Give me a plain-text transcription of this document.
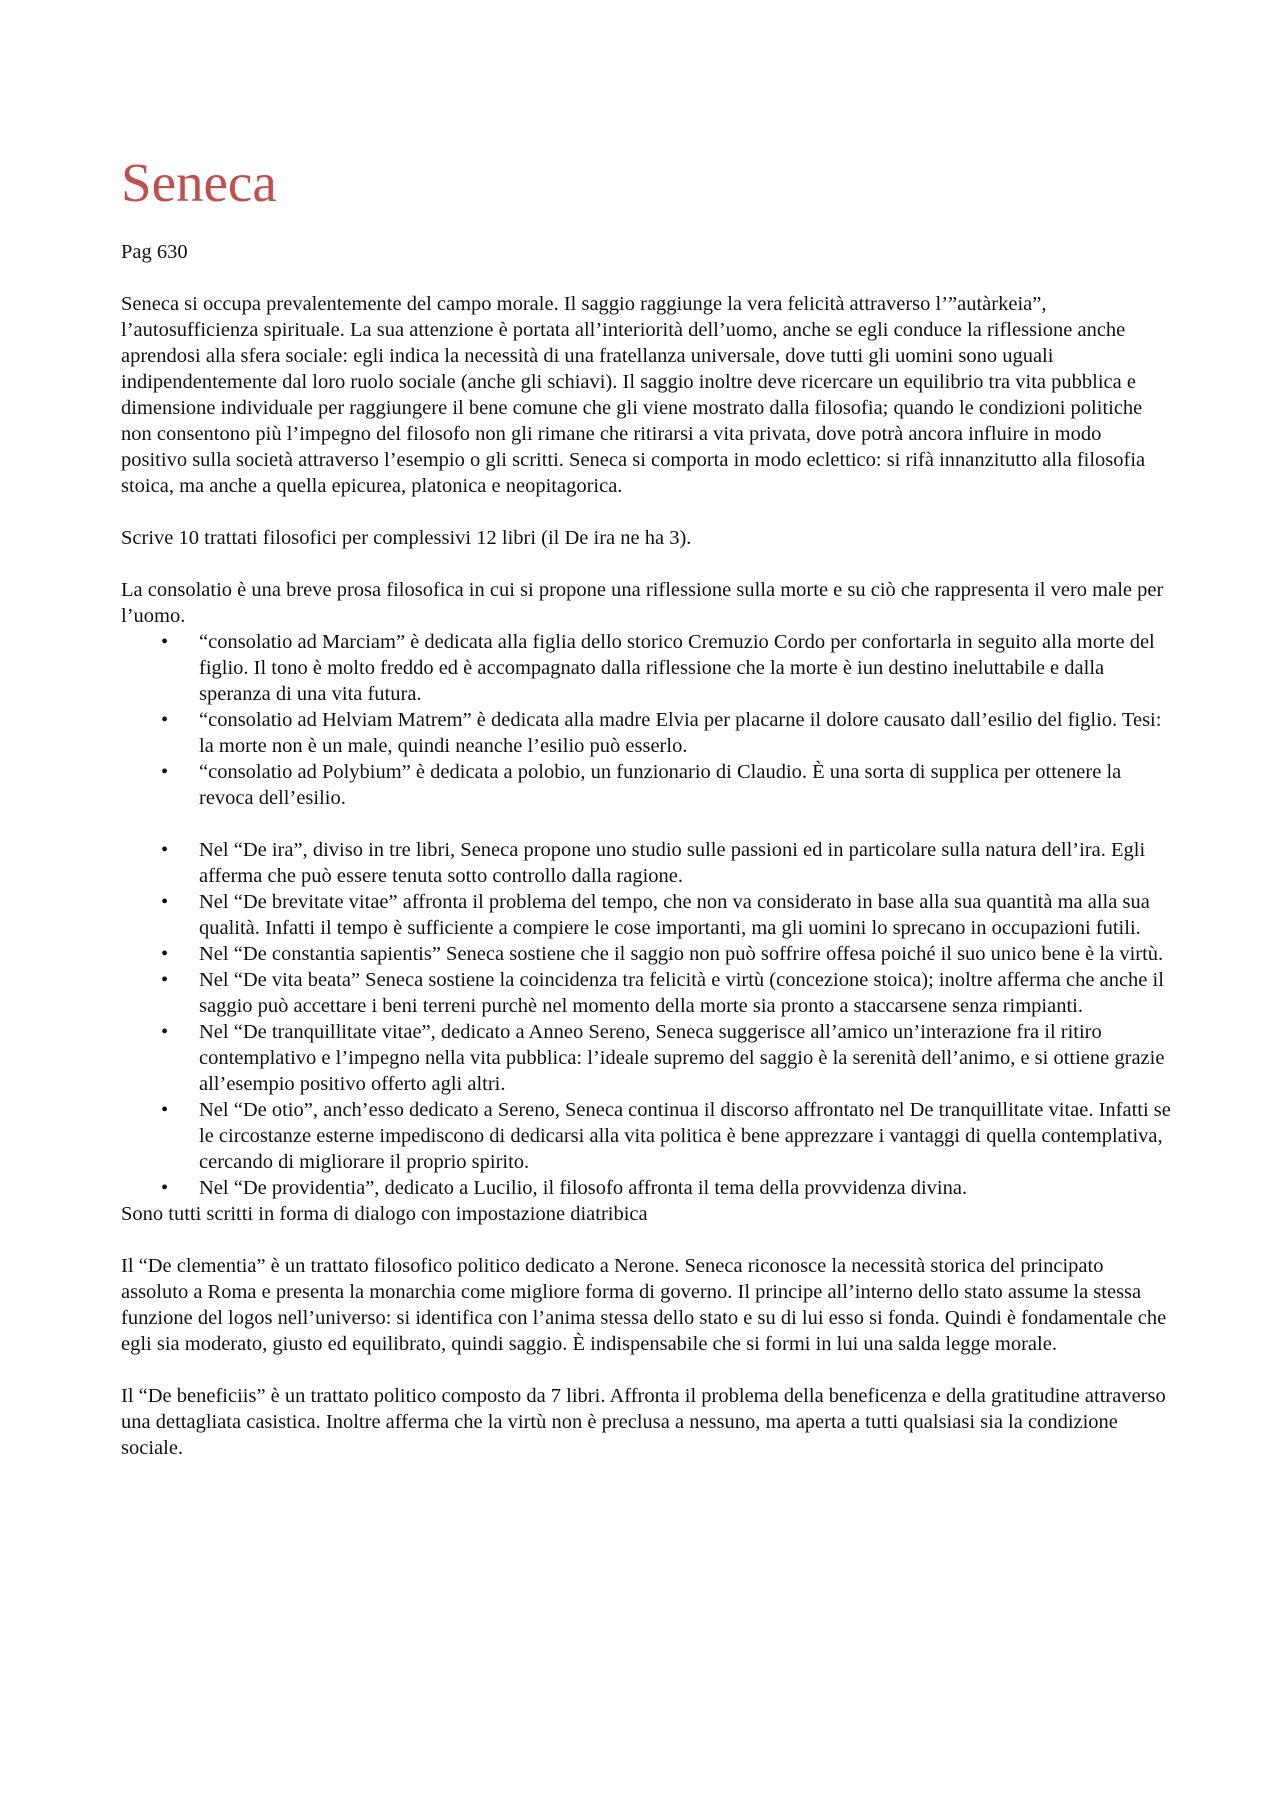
Seneca

Pag 630

Seneca si occupa prevalentemente del campo morale. Il saggio raggiunge la vera felicità attraverso l’”autàrkeia”, l’autosufficienza spirituale. La sua attenzione è portata all’interiorità dell’uomo, anche se egli conduce la riflessione anche aprendosi alla sfera sociale: egli indica la necessità di una fratellanza universale, dove tutti gli uomini sono uguali indipendentemente dal loro ruolo sociale (anche gli schiavi). Il saggio inoltre deve ricercare un equilibrio tra vita pubblica e dimensione individuale per raggiungere il bene comune che gli viene mostrato dalla filosofia; quando le condizioni politiche non consentono più l’impegno del filosofo non gli rimane che ritirarsi a vita privata, dove potrà ancora influire in modo positivo sulla società attraverso l’esempio o gli scritti. Seneca si comporta in modo eclettico: si rifà innanzitutto alla filosofia stoica, ma anche a quella epicurea, platonica e neopitagorica.

Scrive 10 trattati filosofici per complessivi 12 libri (il De ira ne ha 3).

La consolatio è una breve prosa filosofica in cui si propone una riflessione sulla morte e su ciò che rappresenta il vero male per l’uomo.

• “consolatio ad Marciam” è dedicata alla figlia dello storico Cremuzio Cordo per confortarla in seguito alla morte del figlio. Il tono è molto freddo ed è accompagnato dalla riflessione che la morte è iun destino ineluttabile e dalla speranza di una vita futura.
• “consolatio ad Helviam Matrem” è dedicata alla madre Elvia per placarne il dolore causato dall’esilio del figlio. Tesi: la morte non è un male, quindi neanche l’esilio può esserlo.
• “consolatio ad Polybium” è dedicata a polobio, un funzionario di Claudio. È una sorta di supplica per ottenere la revoca dell’esilio.
• Nel “De ira”, diviso in tre libri, Seneca propone uno studio sulle passioni ed in particolare sulla natura dell’ira. Egli afferma che può essere tenuta sotto controllo dalla ragione.
• Nel “De brevitate vitae” affronta il problema del tempo, che non va considerato in base alla sua quantità ma alla sua qualità. Infatti il tempo è sufficiente a compiere le cose importanti, ma gli uomini lo sprecano in occupazioni futili.
• Nel “De constantia sapientis” Seneca sostiene che il saggio non può soffrire offesa poiché il suo unico bene è la virtù.
• Nel “De vita beata” Seneca sostiene la coincidenza tra felicità e virtù (concezione stoica); inoltre afferma che anche il saggio può accettare i beni terreni purchè nel momento della morte sia pronto a staccarsene senza rimpianti.
• Nel “De tranquillitate vitae”, dedicato a Anneo Sereno, Seneca suggerisce all’amico un’interazione fra il ritiro contemplativo e l’impegno nella vita pubblica: l’ideale supremo del saggio è la serenità dell’animo, e si ottiene grazie all’esempio positivo offerto agli altri.
• Nel “De otio”, anch’esso dedicato a Sereno, Seneca continua il discorso affrontato nel De tranquillitate vitae. Infatti se le circostanze esterne impediscono di dedicarsi alla vita politica è bene apprezzare i vantaggi di quella contemplativa, cercando di migliorare il proprio spirito.
• Nel “De providentia”, dedicato a Lucilio, il filosofo affronta il tema della provvidenza divina.

Sono tutti scritti in forma di dialogo con impostazione diatribica

Il “De clementia” è un trattato filosofico politico dedicato a Nerone. Seneca riconosce la necessità storica del principato assoluto a Roma e presenta la monarchia come migliore forma di governo. Il principe all’interno dello stato assume la stessa funzione del logos nell’universo: si identifica con l’anima stessa dello stato e su di lui esso si fonda. Quindi è fondamentale che egli sia moderato, giusto ed equilibrato, quindi saggio. È indispensabile che si formi in lui una salda legge morale.

Il “De beneficiis” è un trattato politico composto da 7 libri. Affronta il problema della beneficenza e della gratitudine attraverso una dettagliata casistica. Inoltre afferma che la virtù non è preclusa a nessuno, ma aperta a tutti qualsiasi sia la condizione sociale.
